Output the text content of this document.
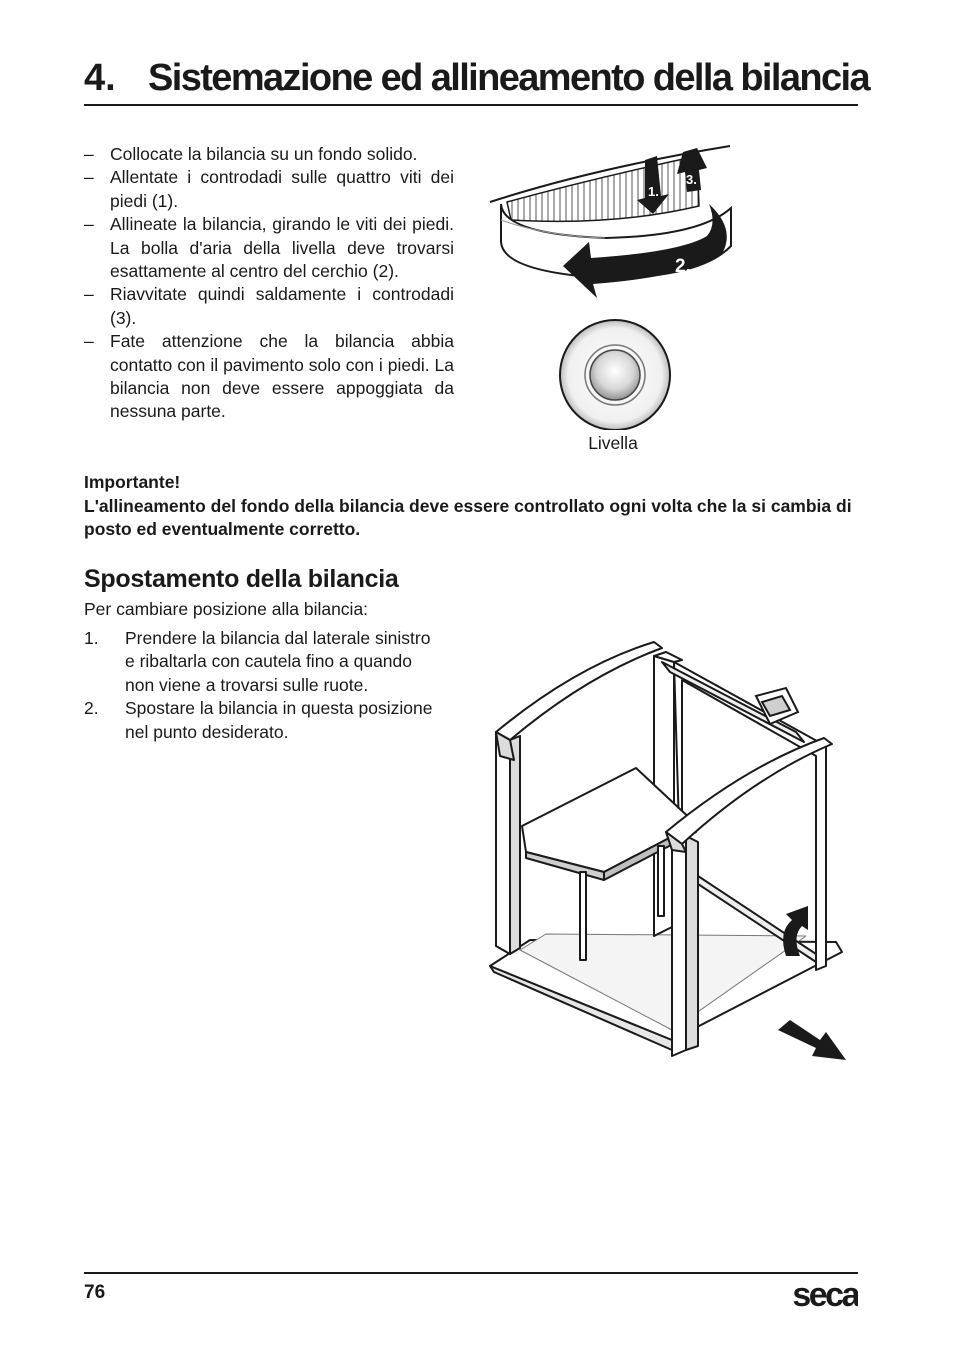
4. Sistemazione ed allineamento della bilancia
– Collocate la bilancia su un fondo solido.
– Allentate i controdadi sulle quattro viti dei piedi (1).
– Allineate la bilancia, girando le viti dei piedi. La bolla d'aria della livella deve trovarsi esattamente al centro del cerchio (2).
– Riavvitate quindi saldamente i controdadi (3).
– Fate attenzione che la bilancia abbia contatto con il pavimento solo con i piedi. La bilancia non deve essere appoggiata da nessuna parte.
1.
3.
2.
Livella

Importante!

L'allineamento del fondo della bilancia deve essere controllato ogni volta che la si cambia di posto ed eventualmente corretto.

Spostamento della bilancia

Per cambiare posizione alla bilancia:

1. Prendere la bilancia dal laterale sinistro e ribaltarla con cautela fino a quando non viene a trovarsi sulle ruote.
2. Spostare la bilancia in questa posizione nel punto desiderato.
76	seca
